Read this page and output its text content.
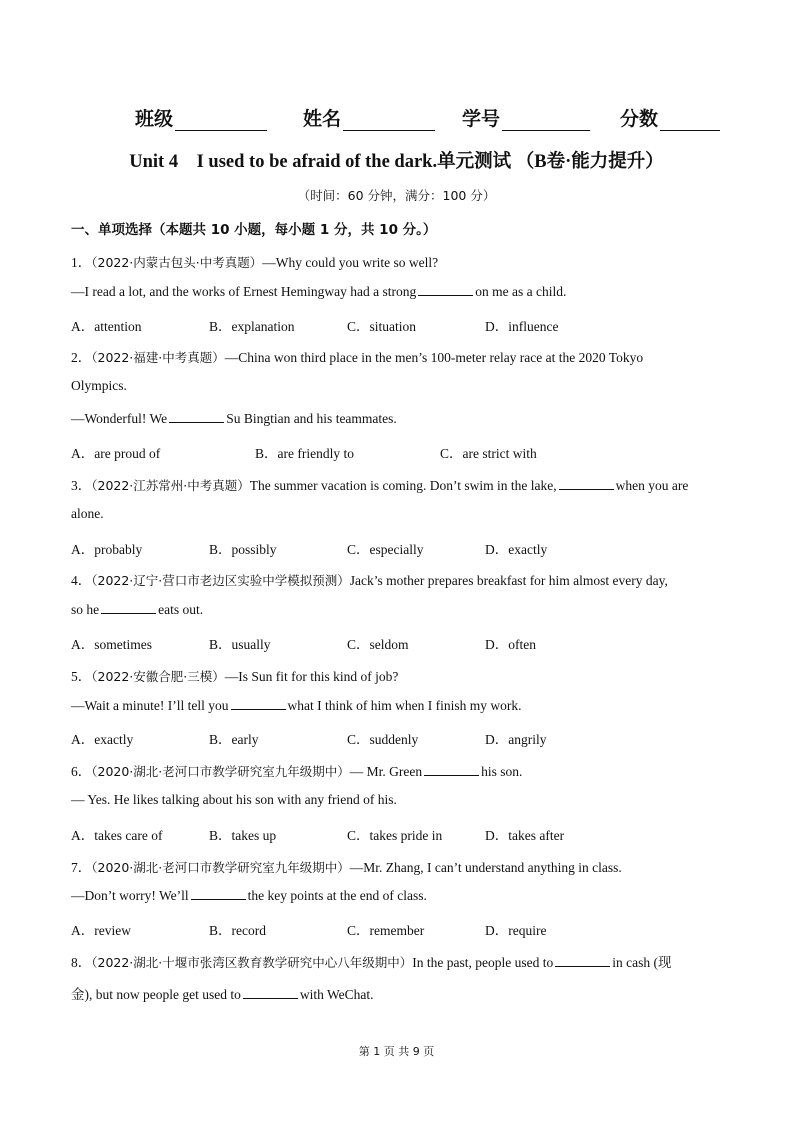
班级	姓名	学号	分数
Unit 4　I used to be afraid of the dark.单元测试 （B卷·能力提升）
（时间：60 分钟，满分：100 分）
一、单项选择（本题共 10 小题，每小题 1 分，共 10 分。）
1．（2022·内蒙古包头·中考真题）—Why could you write so well?
—I read a lot, and the works of Ernest Hemingway had a strong	on me as a child.
A．attention	B．explanation	C．situation	D．influence
2．（2022·福建·中考真题）—China won third place in the men’s 100-meter relay race at the 2020 Tokyo
Olympics.
—Wonderful! We	Su Bingtian and his teammates.
A．are proud of	B．are friendly to	C．are strict with
3．（2022·江苏常州·中考真题）The summer vacation is coming. Don’t swim in the lake,	when you are
alone.
A．probably	B．possibly	C．especially	D．exactly
4．（2022·辽宁·营口市老边区实验中学模拟预测）Jack’s mother prepares breakfast for him almost every day,
so he	eats out.
A．sometimes	B．usually	C．seldom	D．often
5．（2022·安徽合肥·三模）—Is Sun fit for this kind of job?
—Wait a minute! I’ll tell you	what I think of him when I finish my work.
A．exactly	B．early	C．suddenly	D．angrily
6．（2020·湖北·老河口市教学研究室九年级期中）— Mr. Green	his son.
— Yes. He likes talking about his son with any friend of his.
A．takes care of	B．takes up	C．takes pride in	D．takes after
7．（2020·湖北·老河口市教学研究室九年级期中）—Mr. Zhang, I can’t understand anything in class.
—Don’t worry! We’ll	the key points at the end of class.
A．review	B．record	C．remember	D．require
8．（2022·湖北·十堰市张湾区教育教学研究中心八年级期中）In the past, people used to	in cash (现
金), but now people get used to	with WeChat.
第 1 页 共 9 页
